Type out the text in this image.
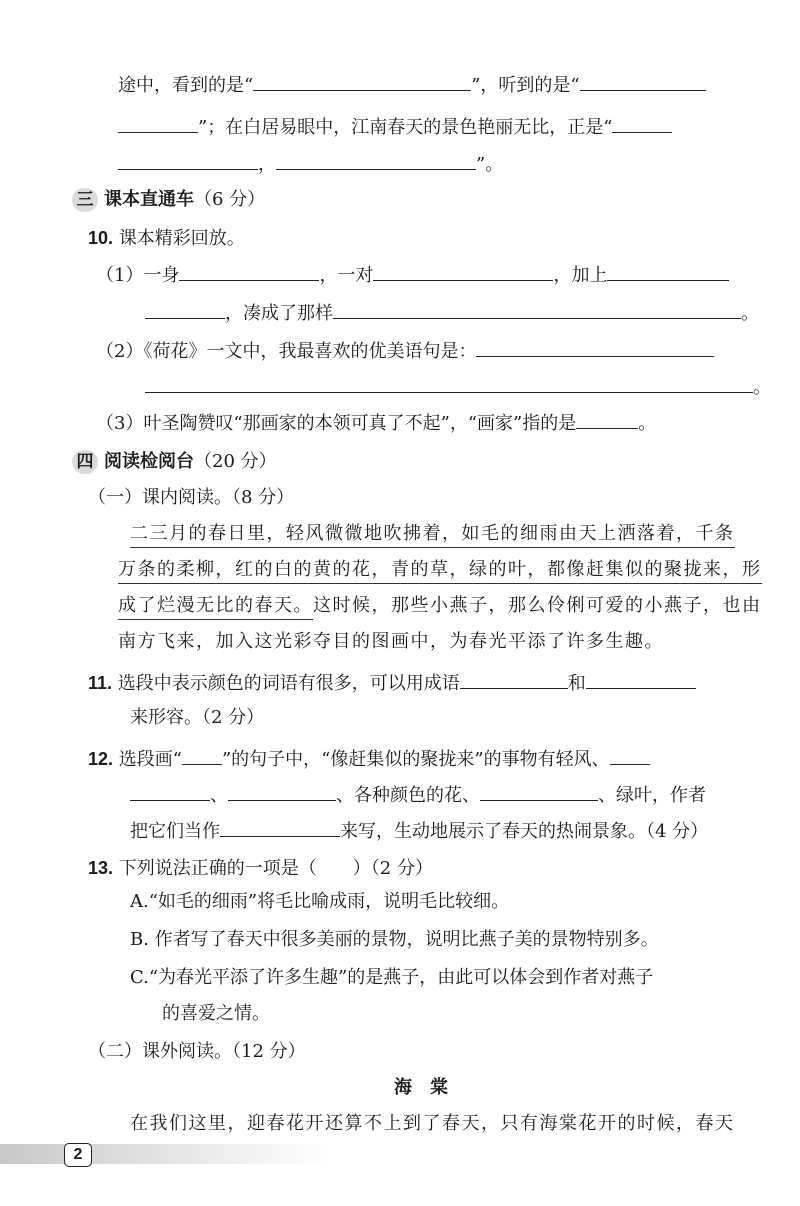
途中，看到的是“	”，听到的是“
”；在白居易眼中，江南春天的景色艳丽无比，正是“
，	”。
三 课本直通车（6 分）
10. 课本精彩回放。
（1）一身	，一对	，加上
，凑成了那样	。
（2）《荷花》一文中，我最喜欢的优美语句是：
。
（3）叶圣陶赞叹“那画家的本领可真了不起”，“画家”指的是	。
四 阅读检阅台（20 分）
（一）课内阅读。（8 分）
二三月的春日里，轻风微微地吹拂着，如毛的细雨由天上洒落着，千条
万条的柔柳，红的白的黄的花，青的草，绿的叶，都像赶集似的聚拢来，形
成了烂漫无比的春天。这时候，那些小燕子，那么伶俐可爱的小燕子，也由
南方飞来，加入这光彩夺目的图画中，为春光平添了许多生趣。
11. 选段中表示颜色的词语有很多，可以用成语	和
来形容。（2 分）
12. 选段画“ ”的句子中，“像赶集似的聚拢来”的事物有轻风、
、	、各种颜色的花、	、绿叶，作者
把它们当作	来写，生动地展示了春天的热闹景象。（4 分）
13. 下列说法正确的一项是（　　）（2 分）
A.“如毛的细雨”将毛比喻成雨，说明毛比较细。
B. 作者写了春天中很多美丽的景物，说明比燕子美的景物特别多。
C.“为春光平添了许多生趣”的是燕子，由此可以体会到作者对燕子
的喜爱之情。
（二）课外阅读。（12 分）
海棠
在我们这里，迎春花开还算不上到了春天，只有海棠花开的时候，春天
2
